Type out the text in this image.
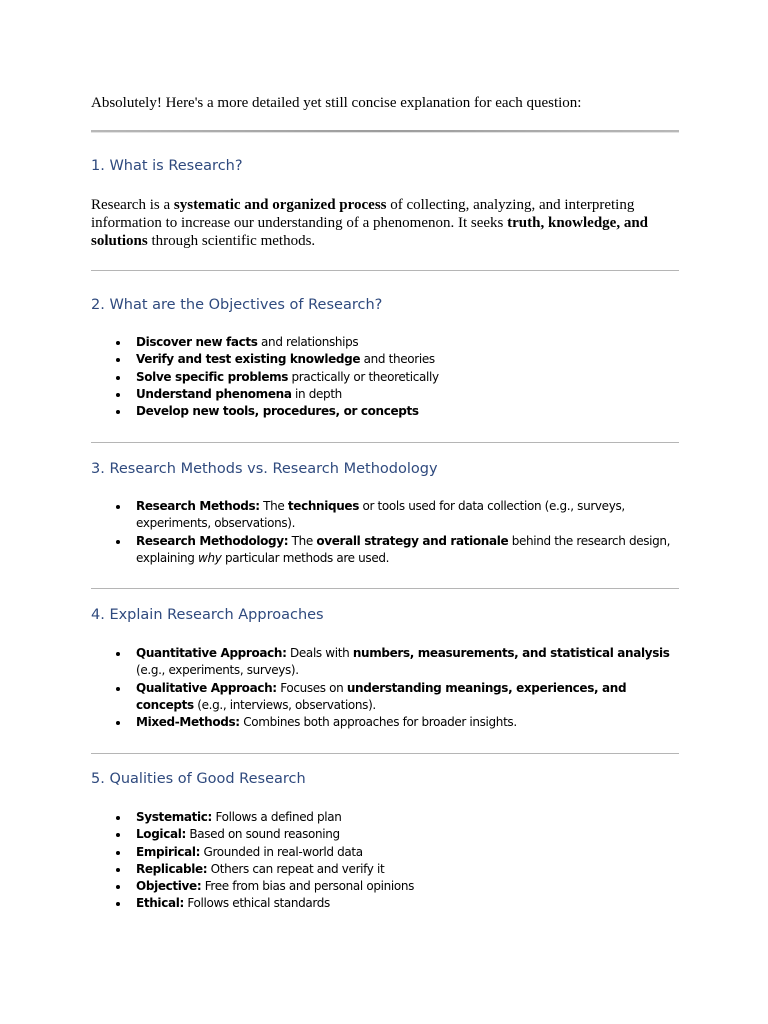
Absolutely! Here's a more detailed yet still concise explanation for each question:
1. What is Research?
Research is a systematic and organized process of collecting, analyzing, and interpreting information to increase our understanding of a phenomenon. It seeks truth, knowledge, and solutions through scientific methods.
2. What are the Objectives of Research?
Discover new facts and relationships
Verify and test existing knowledge and theories
Solve specific problems practically or theoretically
Understand phenomena in depth
Develop new tools, procedures, or concepts
3. Research Methods vs. Research Methodology
Research Methods: The techniques or tools used for data collection (e.g., surveys, experiments, observations).
Research Methodology: The overall strategy and rationale behind the research design, explaining why particular methods are used.
4. Explain Research Approaches
Quantitative Approach: Deals with numbers, measurements, and statistical analysis (e.g., experiments, surveys).
Qualitative Approach: Focuses on understanding meanings, experiences, and concepts (e.g., interviews, observations).
Mixed-Methods: Combines both approaches for broader insights.
5. Qualities of Good Research
Systematic: Follows a defined plan
Logical: Based on sound reasoning
Empirical: Grounded in real-world data
Replicable: Others can repeat and verify it
Objective: Free from bias and personal opinions
Ethical: Follows ethical standards
